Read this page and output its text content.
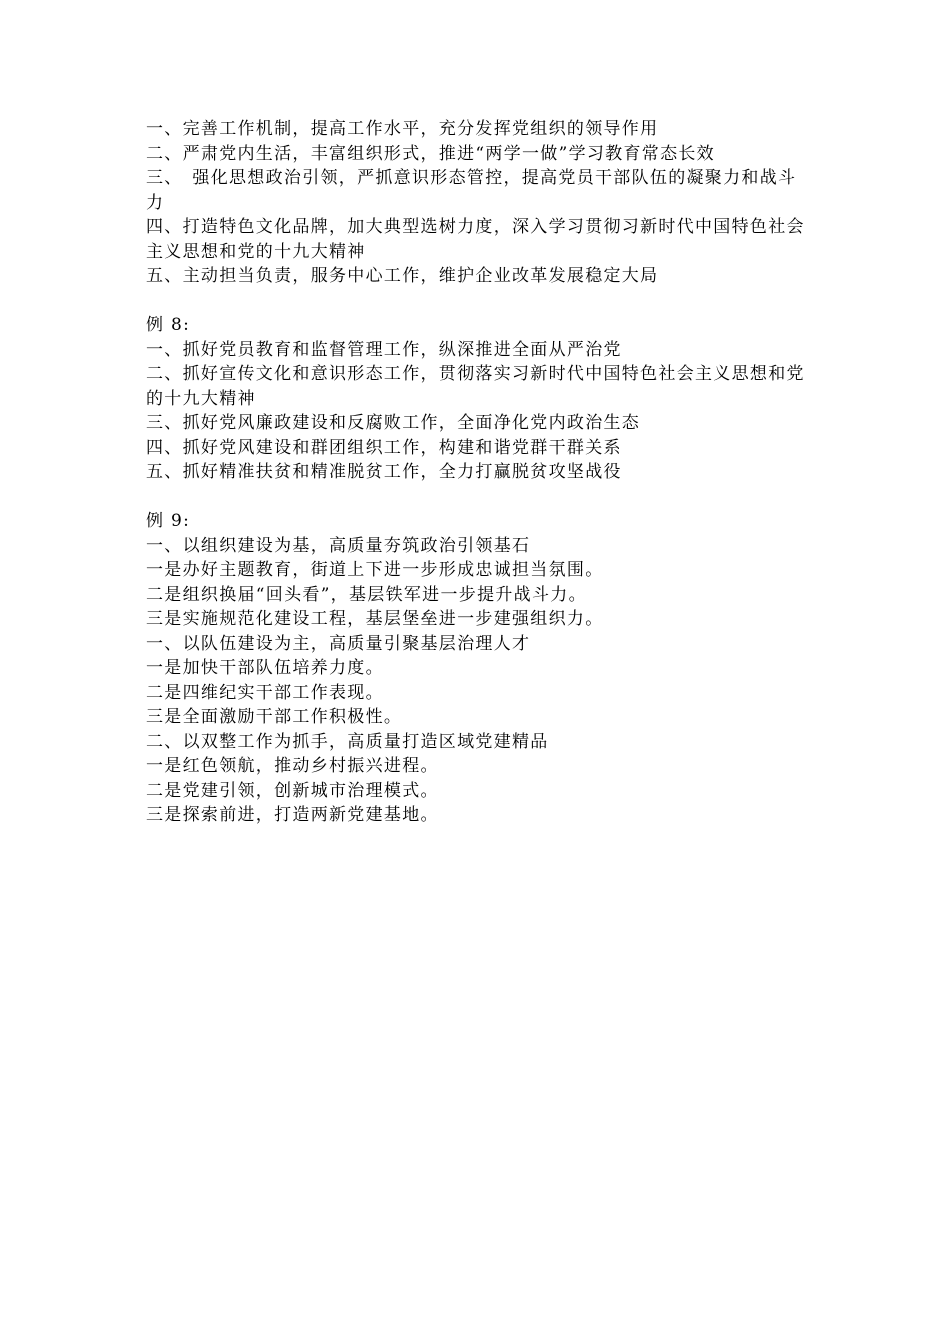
一、完善工作机制，提高工作水平，充分发挥党组织的领导作用
二、严肃党内生活，丰富组织形式，推进“两学一做”学习教育常态长效
三、　强化思想政治引领，严抓意识形态管控，提高党员干部队伍的凝聚力和战斗力
四、打造特色文化品牌，加大典型选树力度，深入学习贯彻习新时代中国特色社会主义思想和党的十九大精神
五、主动担当负责，服务中心工作，维护企业改革发展稳定大局
例 8:
一、抓好党员教育和监督管理工作，纵深推进全面从严治党
二、抓好宣传文化和意识形态工作，贯彻落实习新时代中国特色社会主义思想和党的十九大精神
三、抓好党风廉政建设和反腐败工作，全面净化党内政治生态
四、抓好党风建设和群团组织工作，构建和谐党群干群关系
五、抓好精准扶贫和精准脱贫工作，全力打赢脱贫攻坚战役
例 9:
一、以组织建设为基，高质量夯筑政治引领基石
一是办好主题教育，街道上下进一步形成忠诚担当氛围。
二是组织换届“回头看”，基层铁军进一步提升战斗力。
三是实施规范化建设工程，基层堡垒进一步建强组织力。
一、以队伍建设为主，高质量引聚基层治理人才
一是加快干部队伍培养力度。
二是四维纪实干部工作表现。
三是全面激励干部工作积极性。
二、以双整工作为抓手，高质量打造区域党建精品
一是红色领航，推动乡村振兴进程。
二是党建引领，创新城市治理模式。
三是探索前进，打造两新党建基地。
